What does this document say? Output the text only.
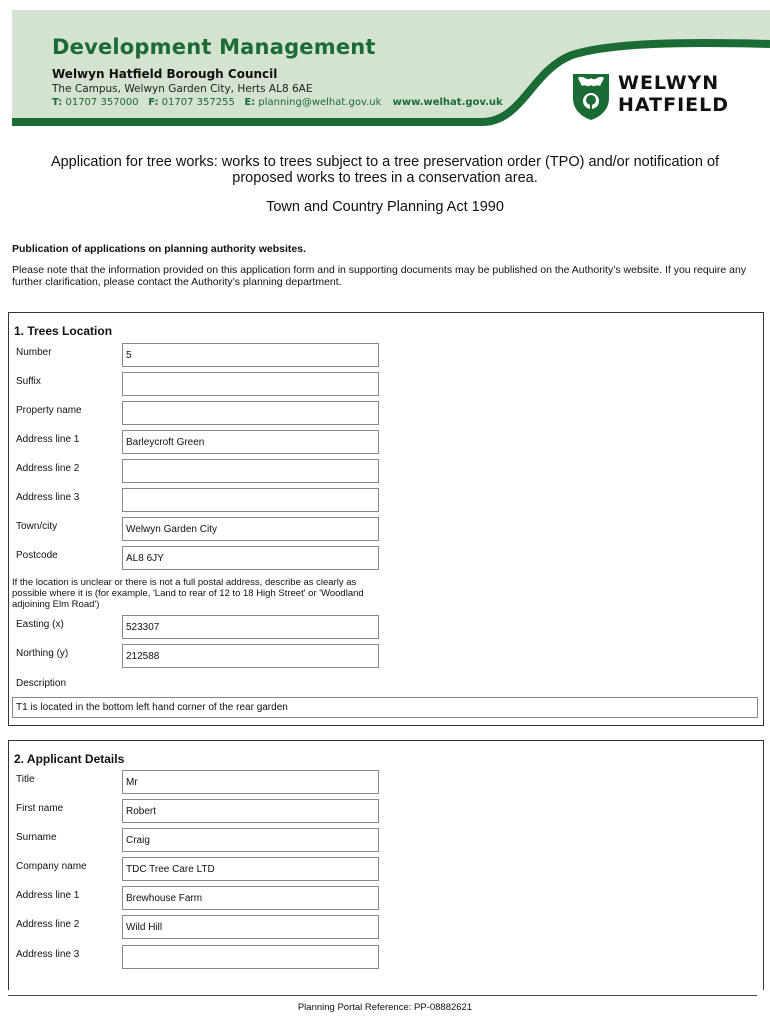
Development Management
Welwyn Hatfield Borough Council
The Campus, Welwyn Garden City, Herts AL8 6AE
T: 01707 357000 F: 01707 357255 E: planning@welhat.gov.uk www.welhat.gov.uk
WELWYN
HATFIELD
Application for tree works: works to trees subject to a tree preservation order (TPO) and/or notification of proposed works to trees in a conservation area.
Town and Country Planning Act 1990
Publication of applications on planning authority websites.
Please note that the information provided on this application form and in supporting documents may be published on the Authority’s website. If you require any further clarification, please contact the Authority’s planning department.
1. Trees Location
Number	5
Suffix
Property name
Address line 1	Barleycroft Green
Address line 2
Address line 3
Town/city	Welwyn Garden City
Postcode	AL8 6JY
If the location is unclear or there is not a full postal address, describe as clearly as possible where it is (for example, 'Land to rear of 12 to 18 High Street' or 'Woodland adjoining Elm Road')
Easting (x)	523307
Northing (y)	212588
Description
T1 is located in the bottom left hand corner of the rear garden
2. Applicant Details
Title	Mr
First name	Robert
Surname	Craig
Company name	TDC Tree Care LTD
Address line 1	Brewhouse Farm
Address line 2	Wild Hill
Address line 3
Planning Portal Reference: PP-08882621
